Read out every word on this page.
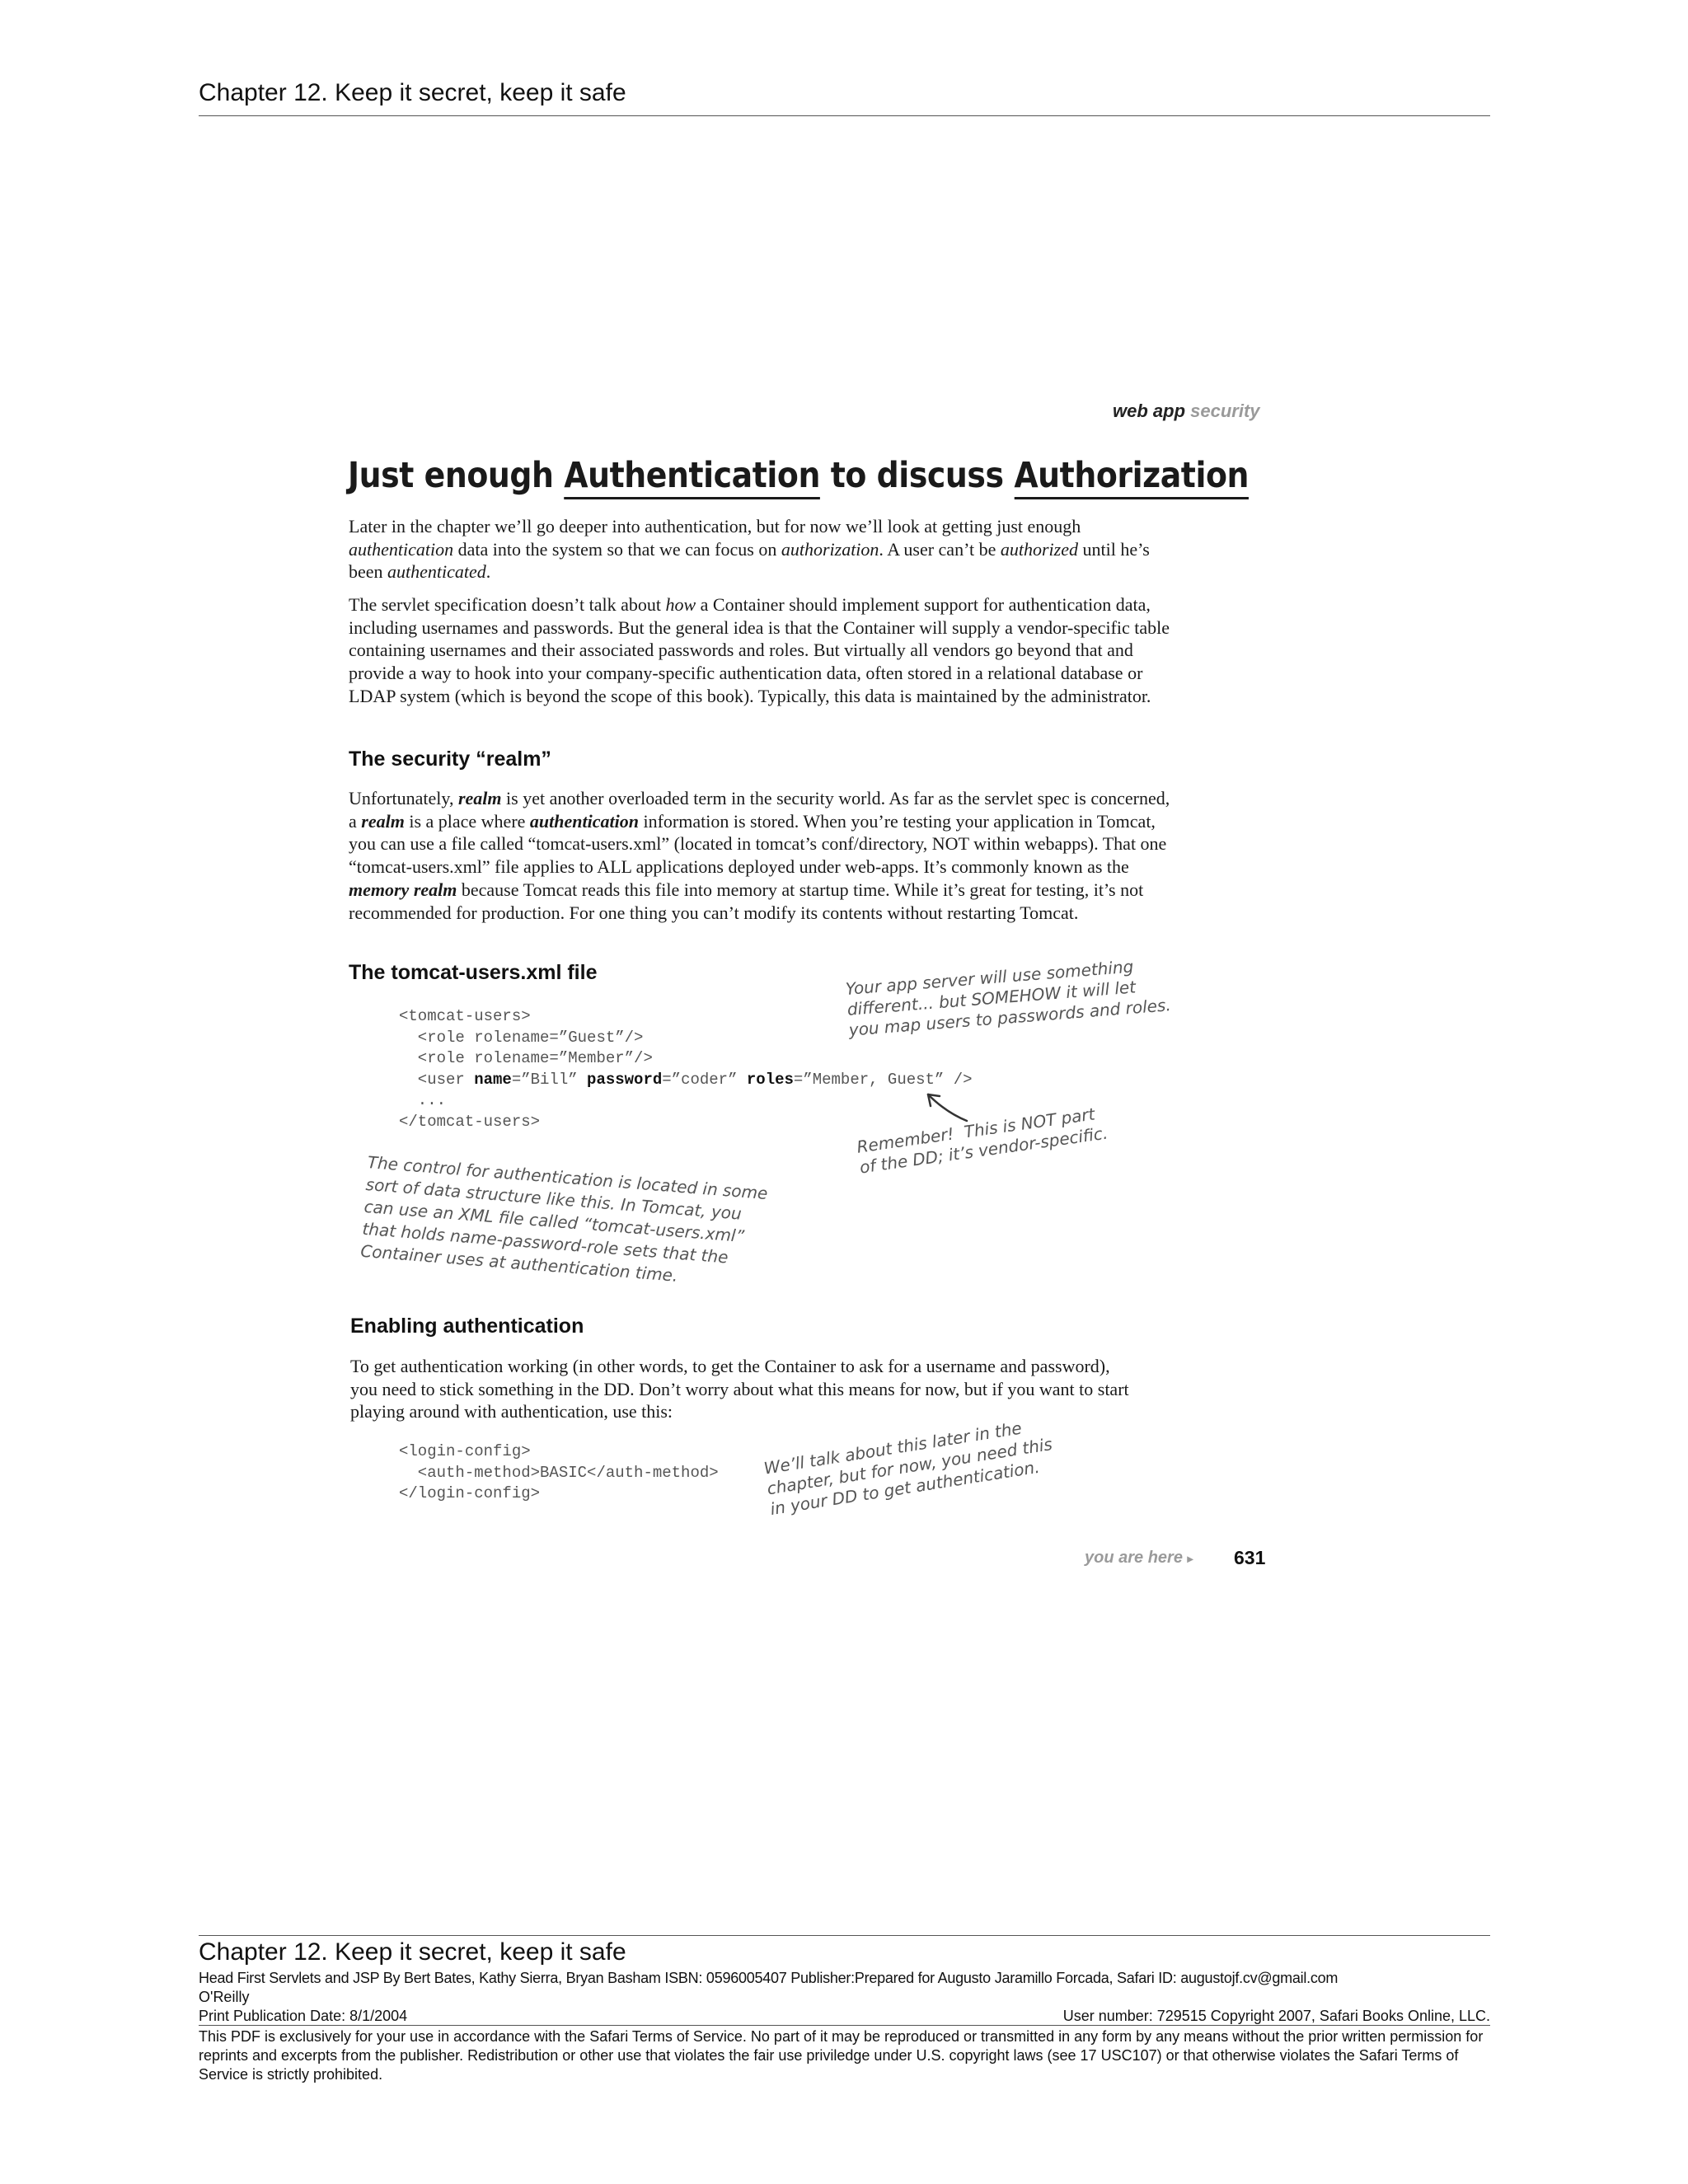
Chapter 12. Keep it secret, keep it safe
web app security
Just enough Authentication to discuss Authorization
Later in the chapter we’ll go deeper into authentication, but for now we’ll look at getting just enough authentication data into the system so that we can focus on authorization. A user can’t be authorized until he’s been authenticated.
The servlet specification doesn’t talk about how a Container should implement support for authentication data, including usernames and passwords. But the general idea is that the Container will supply a vendor-specific table containing usernames and their associated passwords and roles. But virtually all vendors go beyond that and provide a way to hook into your company-specific authentication data, often stored in a relational database or LDAP system (which is beyond the scope of this book). Typically, this data is maintained by the administrator.
The security “realm”
Unfortunately, realm is yet another overloaded term in the security world. As far as the servlet spec is concerned, a realm is a place where authentication information is stored. When you’re testing your application in Tomcat, you can use a file called “tomcat-users.xml” (located in tomcat’s conf/directory, NOT within webapps). That one “tomcat-users.xml” file applies to ALL applications deployed under web-apps. It’s commonly known as the memory realm because Tomcat reads this file into memory at startup time. While it’s great for testing, it’s not recommended for production. For one thing you can’t modify its contents without restarting Tomcat.
The tomcat-users.xml file
<tomcat-users>
<role rolename=”Guest”/>
<role rolename=”Member”/>
<user name=”Bill” password=”coder” roles=”Member, Guest” />
...
</tomcat-users>
Your app server will use something
different... but SOMEHOW it will let
you map users to passwords and roles.
Remember!  This is NOT part
of the DD; it’s vendor-specific.
The control for authentication is located in some
sort of data structure like this. In Tomcat, you
can use an XML file called “tomcat-users.xml”
that holds name-password-role sets that the
Container uses at authentication time.
Enabling authentication
To get authentication working (in other words, to get the Container to ask for a username and password), you need to stick something in the DD. Don’t worry about what this means for now, but if you want to start playing around with authentication, use this:
<login-config>
<auth-method>BASIC</auth-method>
</login-config>
We’ll talk about this later in the
chapter, but for now, you need this
in your DD to get authentication.
you are here ▸ 631
Chapter 12. Keep it secret, keep it safe
Head First Servlets and JSP By Bert Bates, Kathy Sierra, Bryan Basham ISBN: 0596005407 Publisher:Prepared for Augusto Jaramillo Forcada, Safari ID: augustojf.cv@gmail.com
O'Reilly
Print Publication Date: 8/1/2004	User number: 729515 Copyright 2007, Safari Books Online, LLC.
This PDF is exclusively for your use in accordance with the Safari Terms of Service. No part of it may be reproduced or transmitted in any form by any means without the prior written permission for reprints and excerpts from the publisher. Redistribution or other use that violates the fair use priviledge under U.S. copyright laws (see 17 USC107) or that otherwise violates the Safari Terms of Service is strictly prohibited.
